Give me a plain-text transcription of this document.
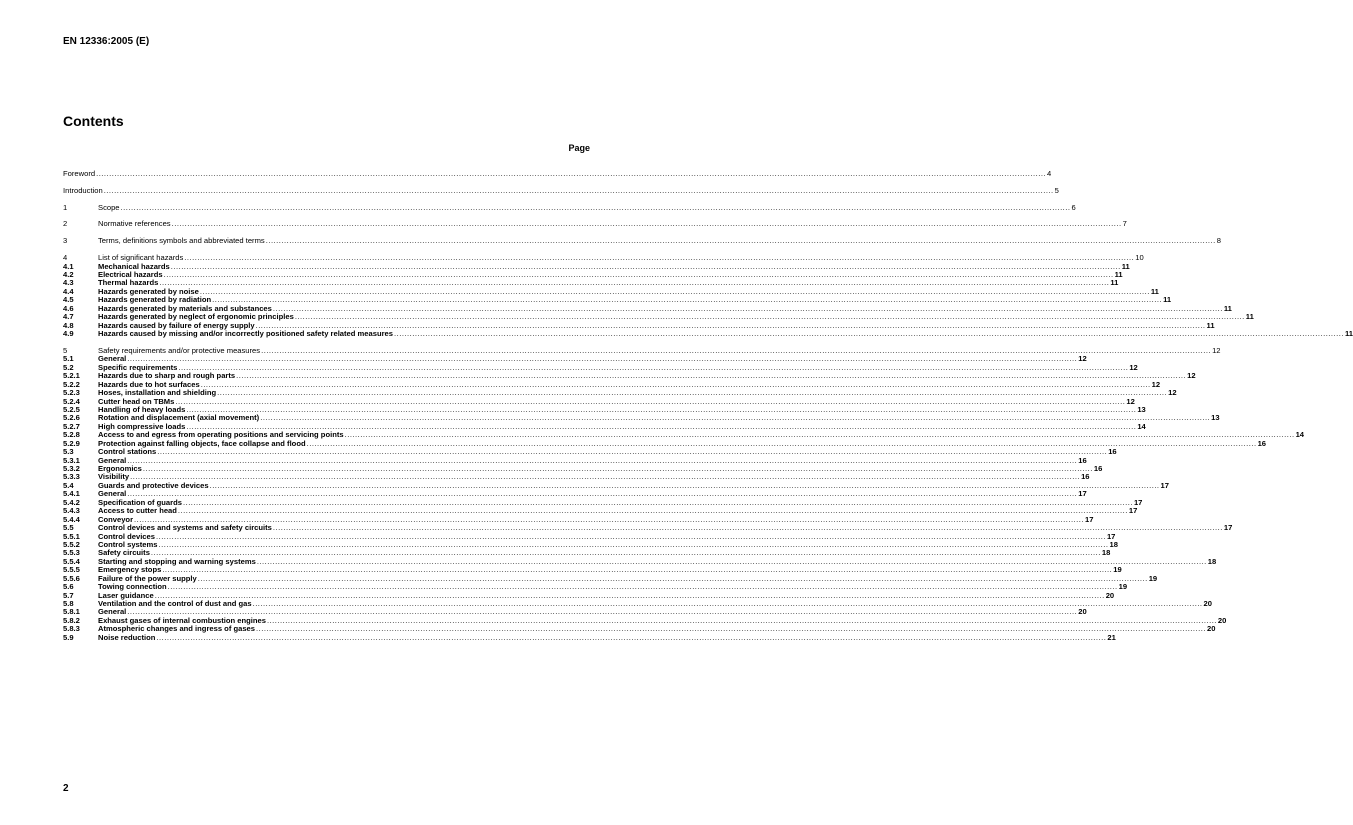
EN 12336:2005 (E)
Contents
Page
Foreword .....	4
Introduction .....	5
1	Scope .....	6
2	Normative references .....	7
3	Terms, definitions symbols and abbreviated terms .....	8
4	List of significant hazards .....	10
4.1	Mechanical hazards .....	11
4.2	Electrical hazards .....	11
4.3	Thermal hazards .....	11
4.4	Hazards generated by noise .....	11
4.5	Hazards generated by radiation .....	11
4.6	Hazards generated by materials and substances .....	11
4.7	Hazards generated by neglect of ergonomic principles .....	11
4.8	Hazards caused by failure of energy supply .....	11
4.9	Hazards caused by missing and/or incorrectly positioned safety related measures .....	11
5	Safety requirements and/or protective measures .....	12
5.1	General .....	12
5.2	Specific requirements .....	12
5.2.1	Hazards due to sharp and rough parts .....	12
5.2.2	Hazards due to hot surfaces .....	12
5.2.3	Hoses, installation and shielding .....	12
5.2.4	Cutter head on TBMs .....	12
5.2.5	Handling of heavy loads .....	13
5.2.6	Rotation and displacement (axial movement) .....	13
5.2.7	High compressive loads .....	14
5.2.8	Access to and egress from operating positions and servicing points .....	14
5.2.9	Protection against falling objects, face collapse and flood .....	16
5.3	Control stations .....	16
5.3.1	General .....	16
5.3.2	Ergonomics .....	16
5.3.3	Visibility .....	16
5.4	Guards and protective devices .....	17
5.4.1	General .....	17
5.4.2	Specification of guards .....	17
5.4.3	Access to cutter head .....	17
5.4.4	Conveyor .....	17
5.5	Control devices and systems and safety circuits .....	17
5.5.1	Control devices .....	17
5.5.2	Control systems .....	18
5.5.3	Safety circuits .....	18
5.5.4	Starting and stopping and warning systems .....	18
5.5.5	Emergency stops .....	19
5.5.6	Failure of the power supply .....	19
5.6	Towing connection .....	19
5.7	Laser guidance .....	20
5.8	Ventilation and the control of dust and gas .....	20
5.8.1	General .....	20
5.8.2	Exhaust gases of internal combustion engines .....	20
5.8.3	Atmospheric changes and ingress of gases .....	20
5.9	Noise reduction .....	21
2
